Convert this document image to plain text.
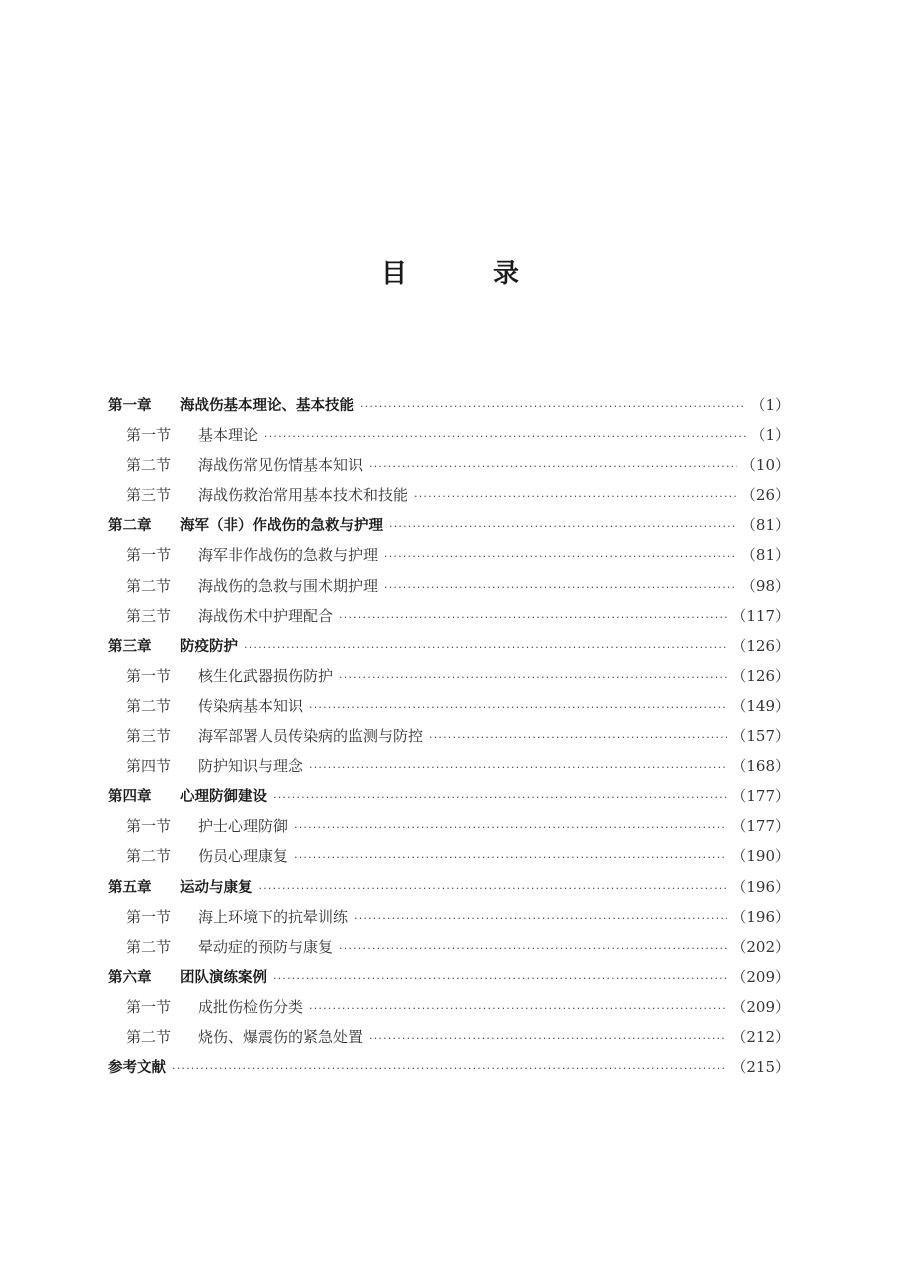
目　录
第一章	海战伤基本理论、基本技能 ·····	（1）
第一节	基本理论 ·····	（1）
第二节	海战伤常见伤情基本知识 ·····	（10）
第三节	海战伤救治常用基本技术和技能 ·····	（26）
第二章	海军（非）作战伤的急救与护理 ·····	（81）
第一节	海军非作战伤的急救与护理 ·····	（81）
第二节	海战伤的急救与围术期护理 ·····	（98）
第三节	海战伤术中护理配合 ·····	（117）
第三章	防疫防护 ·····	（126）
第一节	核生化武器损伤防护 ·····	（126）
第二节	传染病基本知识 ·····	（149）
第三节	海军部署人员传染病的监测与防控 ·····	（157）
第四节	防护知识与理念 ·····	（168）
第四章	心理防御建设 ·····	（177）
第一节	护士心理防御 ·····	（177）
第二节	伤员心理康复 ·····	（190）
第五章	运动与康复 ·····	（196）
第一节	海上环境下的抗晕训练 ·····	（196）
第二节	晕动症的预防与康复 ·····	（202）
第六章	团队演练案例 ·····	（209）
第一节	成批伤检伤分类 ·····	（209）
第二节	烧伤、爆震伤的紧急处置 ·····	（212）
参考文献 ·····	（215）
